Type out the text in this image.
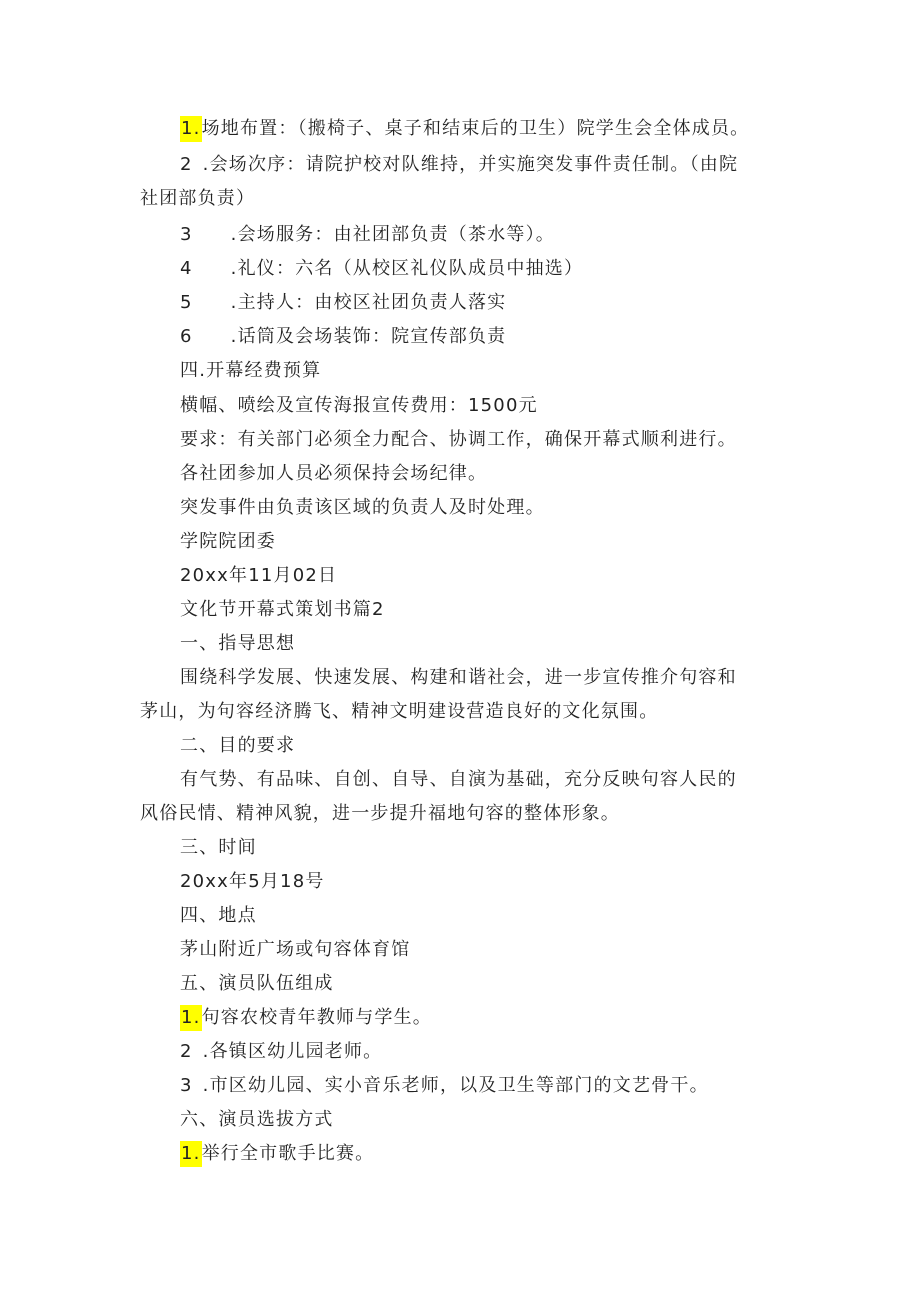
1.场地布置：（搬椅子、桌子和结束后的卫生）院学生会全体成员。
2 .会场次序：请院护校对队维持，并实施突发事件责任制。（由院
社团部负责）
3 .会场服务：由社团部负责（茶水等）。
4 .礼仪：六名（从校区礼仪队成员中抽选）
5 .主持人：由校区社团负责人落实
6 .话筒及会场装饰：院宣传部负责
四.开幕经费预算
横幅、喷绘及宣传海报宣传费用：1500元
要求：有关部门必须全力配合、协调工作，确保开幕式顺利进行。
各社团参加人员必须保持会场纪律。
突发事件由负责该区域的负责人及时处理。
学院院团委
20xx年11月02日
文化节开幕式策划书篇2
一、指导思想
围绕科学发展、快速发展、构建和谐社会，进一步宣传推介句容和
茅山，为句容经济腾飞、精神文明建设营造良好的文化氛围。
二、目的要求
有气势、有品味、自创、自导、自演为基础，充分反映句容人民的
风俗民情、精神风貌，进一步提升福地句容的整体形象。
三、时间
20xx年5月18号
四、地点
茅山附近广场或句容体育馆
五、演员队伍组成
1.句容农校青年教师与学生。
2 .各镇区幼儿园老师。
3 .市区幼儿园、实小音乐老师，以及卫生等部门的文艺骨干。
六、演员选拔方式
1.举行全市歌手比赛。
